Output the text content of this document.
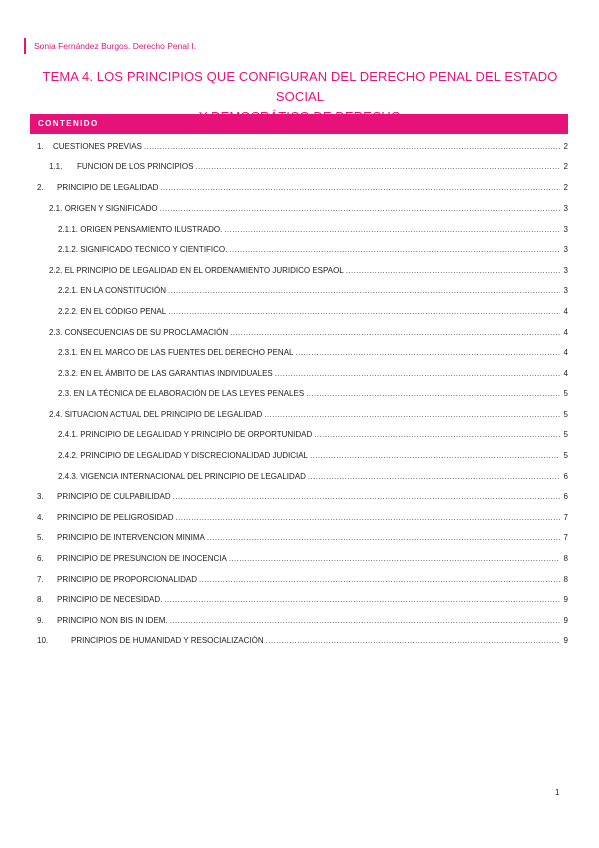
Sonia Fernández Burgos. Derecho Penal I.
TEMA 4. LOS PRINCIPIOS QUE CONFIGURAN DEL DERECHO PENAL DEL ESTADO SOCIAL
CONTENIDO
1.	CUESTIONES PREVIAS .....	2
1.1.	FUNCION DE LOS PRINCIPIOS .....	2
2.	PRINCIPIO DE LEGALIDAD .....	2
2.1. ORIGEN Y SIGNIFICADO .....	3
2.1.1. ORIGEN PENSAMIENTO ILUSTRADO. .....	3
2.1.2. SIGNIFICADO TECNICO Y CIENTIFICO. .....	3
2.2. EL PRINCIPIO DE LEGALIDAD EN EL ORDENAMIENTO JURIDICO ESPAOL .....	3
2.2.1. EN LA CONSTITUCIÓN .....	3
2.2.2. EN EL CÓDIGO PENAL .....	4
2.3. CONSECUENCIAS DE SU PROCLAMACIÓN .....	4
2.3.1. EN EL MARCO DE LAS FUENTES DEL DERECHO PENAL .....	4
2.3.2. EN EL ÁMBITO DE LAS GARANTIAS INDIVIDUALES .....	4
2.3. EN LA TÉCNICA DE ELABORACIÓN DE LAS LEYES PENALES .....	5
2.4. SITUACION ACTUAL DEL PRINCIPIO DE LEGALIDAD .....	5
2.4.1. PRINCIPIO DE LEGALIDAD Y PRINCIPÌO DE ORPORTUNIDAD .....	5
2.4.2. PRINCIPIO DE LEGALIDAD Y DISCRECIONALIDAD JUDICIAL .....	5
2.4.3. VIGENCIA INTERNACIONAL DEL PRINCIPIO DE LEGALIDAD .....	6
3.	PRINCIPIO DE CULPABILIDAD .....	6
4.	PRINCIPIO DE PELIGROSIDAD .....	7
5.	PRINCIPIO DE INTERVENCION MINIMA .....	7
6.	PRINCIPIO DE PRESUNCION DE INOCENCIA .....	8
7.	PRINCIPIO DE PROPORCIONALIDAD .....	8
8.	PRINCIPIO DE NECESIDAD. .....	9
9.	PRINCIPIO NON BIS IN IDEM. .....	9
10.	PRINCIPIOS DE HUMANIDAD Y RESOCIALIZACIÓN .....	9
1
